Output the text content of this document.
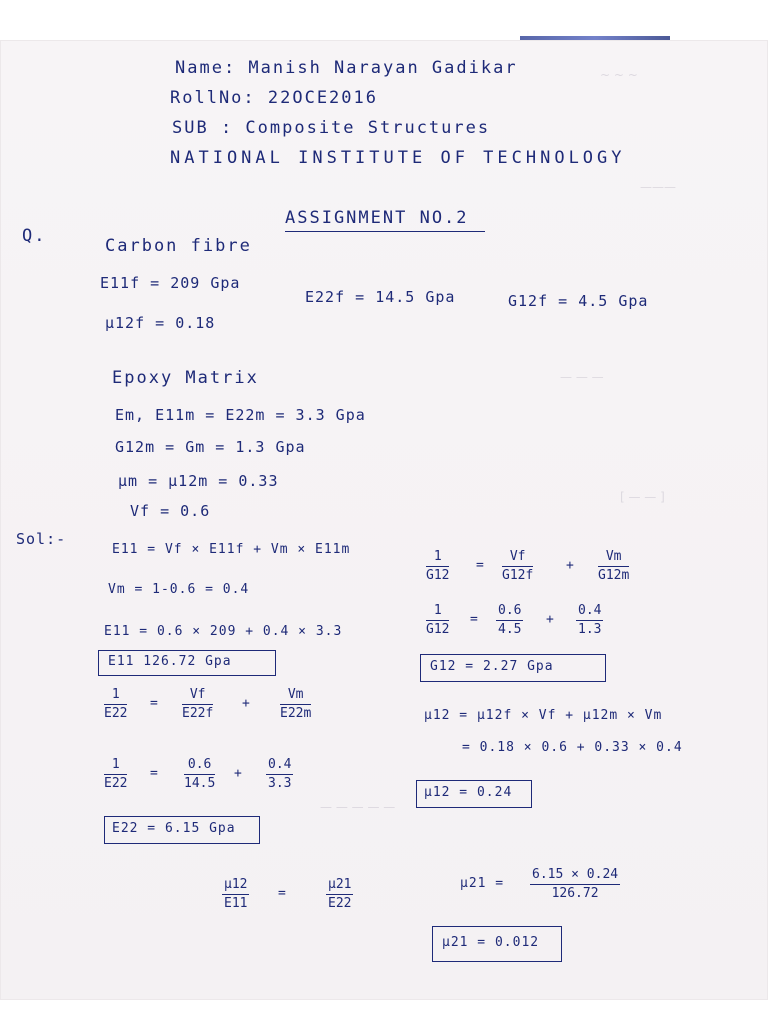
~ ~ ~
———
— — —
[ — — ]
— — — — —
Name: Manish Narayan Gadikar
RollNo: 22OCE2016
SUB : Composite Structures
NATIONAL INSTITUTE OF TECHNOLOGY
ASSIGNMENT NO.2
Q.	Carbon fibre
E11f = 209 Gpa
E22f = 14.5 Gpa	G12f = 4.5 Gpa
μ12f = 0.18
Epoxy Matrix
Em, E11m = E22m = 3.3 Gpa
G12m = Gm = 1.3 Gpa
μm = μ12m = 0.33
Vf = 0.6
Sol:-
E11 = Vf × E11f + Vm × E11m
Vm = 1-0.6 = 0.4
E11 = 0.6 × 209 + 0.4 × 3.3
E11 126.72 Gpa
$\frac{1}{E22} = \frac{Vf}{E22f} + \frac{Vm}{E22m}$
$\frac{1}{E22} = \frac{0.6}{14.5} + \frac{0.4}{3.3}$
E22 = 6.15 Gpa
$\frac{1}{G12} = \frac{Vf}{G12f}$	+ $\frac{Vm}{G12m}$
$\frac{1}{G12} = \frac{0.6}{4.5} + \frac{0.4}{1.3}$
G12 = 2.27 Gpa
μ12 = μ12f × Vf + μ12m × Vm
= 0.18 × 0.6 + 0.33 × 0.4
μ12 = 0.24
$\frac{\mu 12}{E11}$ =	$\frac{\mu 21}{E22}$	$\mu 21 = \frac{6.15 \times 0.24}{126.72}$
μ21 = 0.012
